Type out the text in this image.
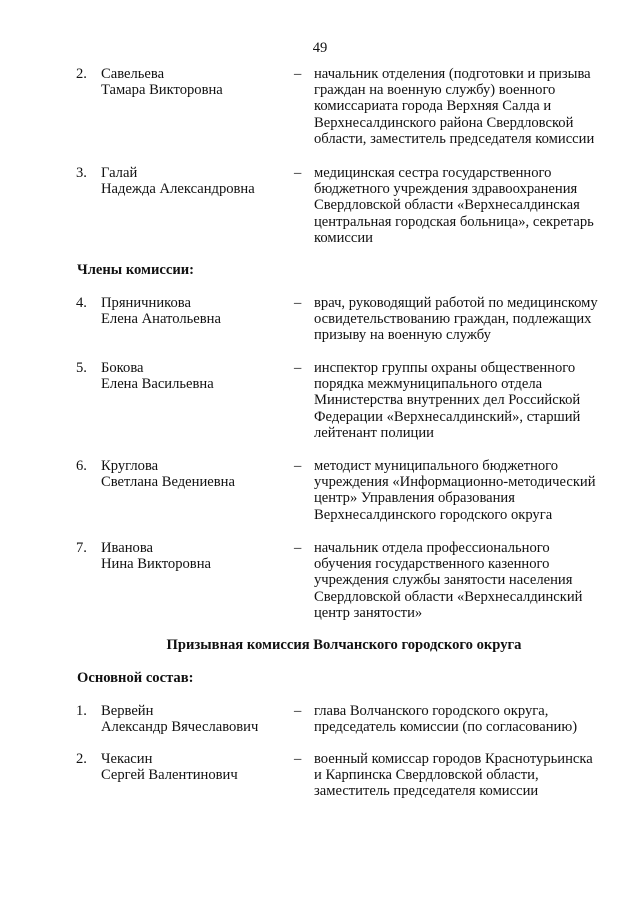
49
2. Савельева
Тамара Викторовна
– начальник отделения (подготовки и призыва
граждан на военную службу) военного
комиссариата города Верхняя Салда и
Верхнесалдинского района Свердловской
области, заместитель председателя комиссии
3. Галай
Надежда Александровна
– медицинская сестра государственного
бюджетного учреждения здравоохранения
Свердловской области «Верхнесалдинская
центральная городская больница», секретарь
комиссии
Члены комиссии:
4. Пряничникова
Елена Анатольевна
– врач, руководящий работой по медицинскому
освидетельствованию граждан, подлежащих
призыву на военную службу
5. Бокова
Елена Васильевна
– инспектор группы охраны общественного
порядка межмуниципального отдела
Министерства внутренних дел Российской
Федерации «Верхнесалдинский», старший
лейтенант полиции
6. Круглова
Светлана Ведениевна
– методист муниципального бюджетного
учреждения «Информационно-методический
центр» Управления образования
Верхнесалдинского городского округа
7. Иванова
Нина Викторовна
– начальник отдела профессионального
обучения государственного казенного
учреждения службы занятости населения
Свердловской области «Верхнесалдинский
центр занятости»
Призывная комиссия Волчанского городского округа
Основной состав:
1. Вервейн
Александр Вячеславович
– глава Волчанского городского округа,
председатель комиссии (по согласованию)
2. Чекасин
Сергей Валентинович
– военный комиссар городов Краснотурьинска
и Карпинска Свердловской области,
заместитель председателя комиссии
